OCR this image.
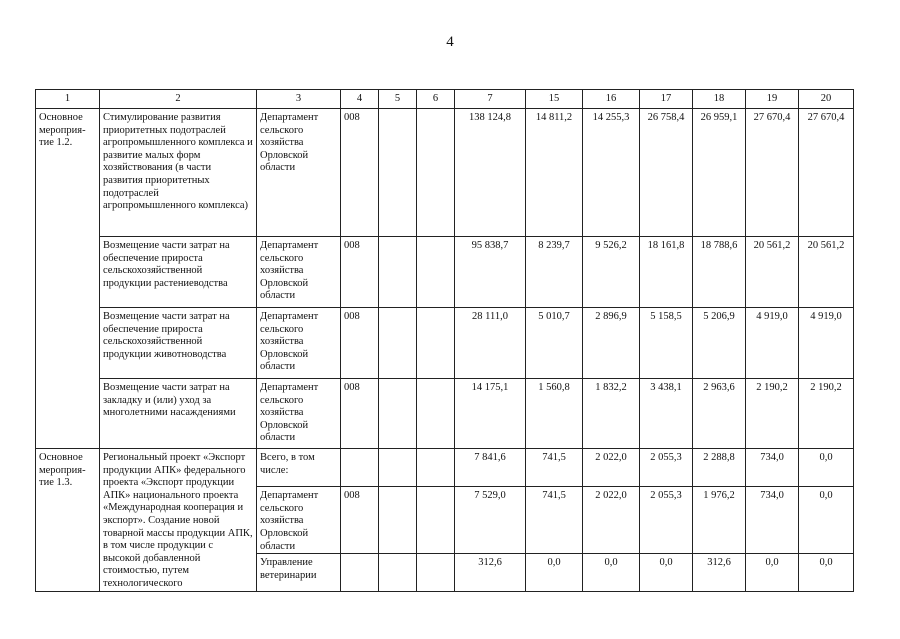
4
1	2	3	4	5	6	7	15	16	17	18	19	20
Основное мероприя-тие 1.2.	Стимулирование развития приоритетных подотраслей агропромышленного комплекса и развитие малых форм хозяйствования (в части развития приоритетных подотраслей агропромышленного комплекса)	Департамент сельского хозяйства Орловской области	008			138 124,8	14 811,2	14 255,3	26 758,4	26 959,1	27 670,4	27 670,4
	Возмещение части затрат на обеспечение прироста сельскохозяйственной продукции растениеводства	Департамент сельского хозяйства Орловской области	008			95 838,7	8 239,7	9 526,2	18 161,8	18 788,6	20 561,2	20 561,2
	Возмещение части затрат на обеспечение прироста сельскохозяйственной продукции животноводства	Департамент сельского хозяйства Орловской области	008			28 111,0	5 010,7	2 896,9	5 158,5	5 206,9	4 919,0	4 919,0
	Возмещение части затрат на закладку и (или) уход за многолетними насаждениями	Департамент сельского хозяйства Орловской области	008			14 175,1	1 560,8	1 832,2	3 438,1	2 963,6	2 190,2	2 190,2
Основное мероприя-тие 1.3.	Региональный проект «Экспорт продукции АПК» федерального проекта «Экспорт продукции АПК» национального проекта «Международная кооперация и экспорт». Создание новой товарной массы продукции АПК, в том числе продукции с высокой добавленной стоимостью, путем технологического	Всего, в том числе:				7 841,6	741,5	2 022,0	2 055,3	2 288,8	734,0	0,0
		Департамент сельского хозяйства Орловской области	008			7 529,0	741,5	2 022,0	2 055,3	1 976,2	734,0	0,0
		Управление ветеринарии				312,6	0,0	0,0	0,0	312,6	0,0	0,0
